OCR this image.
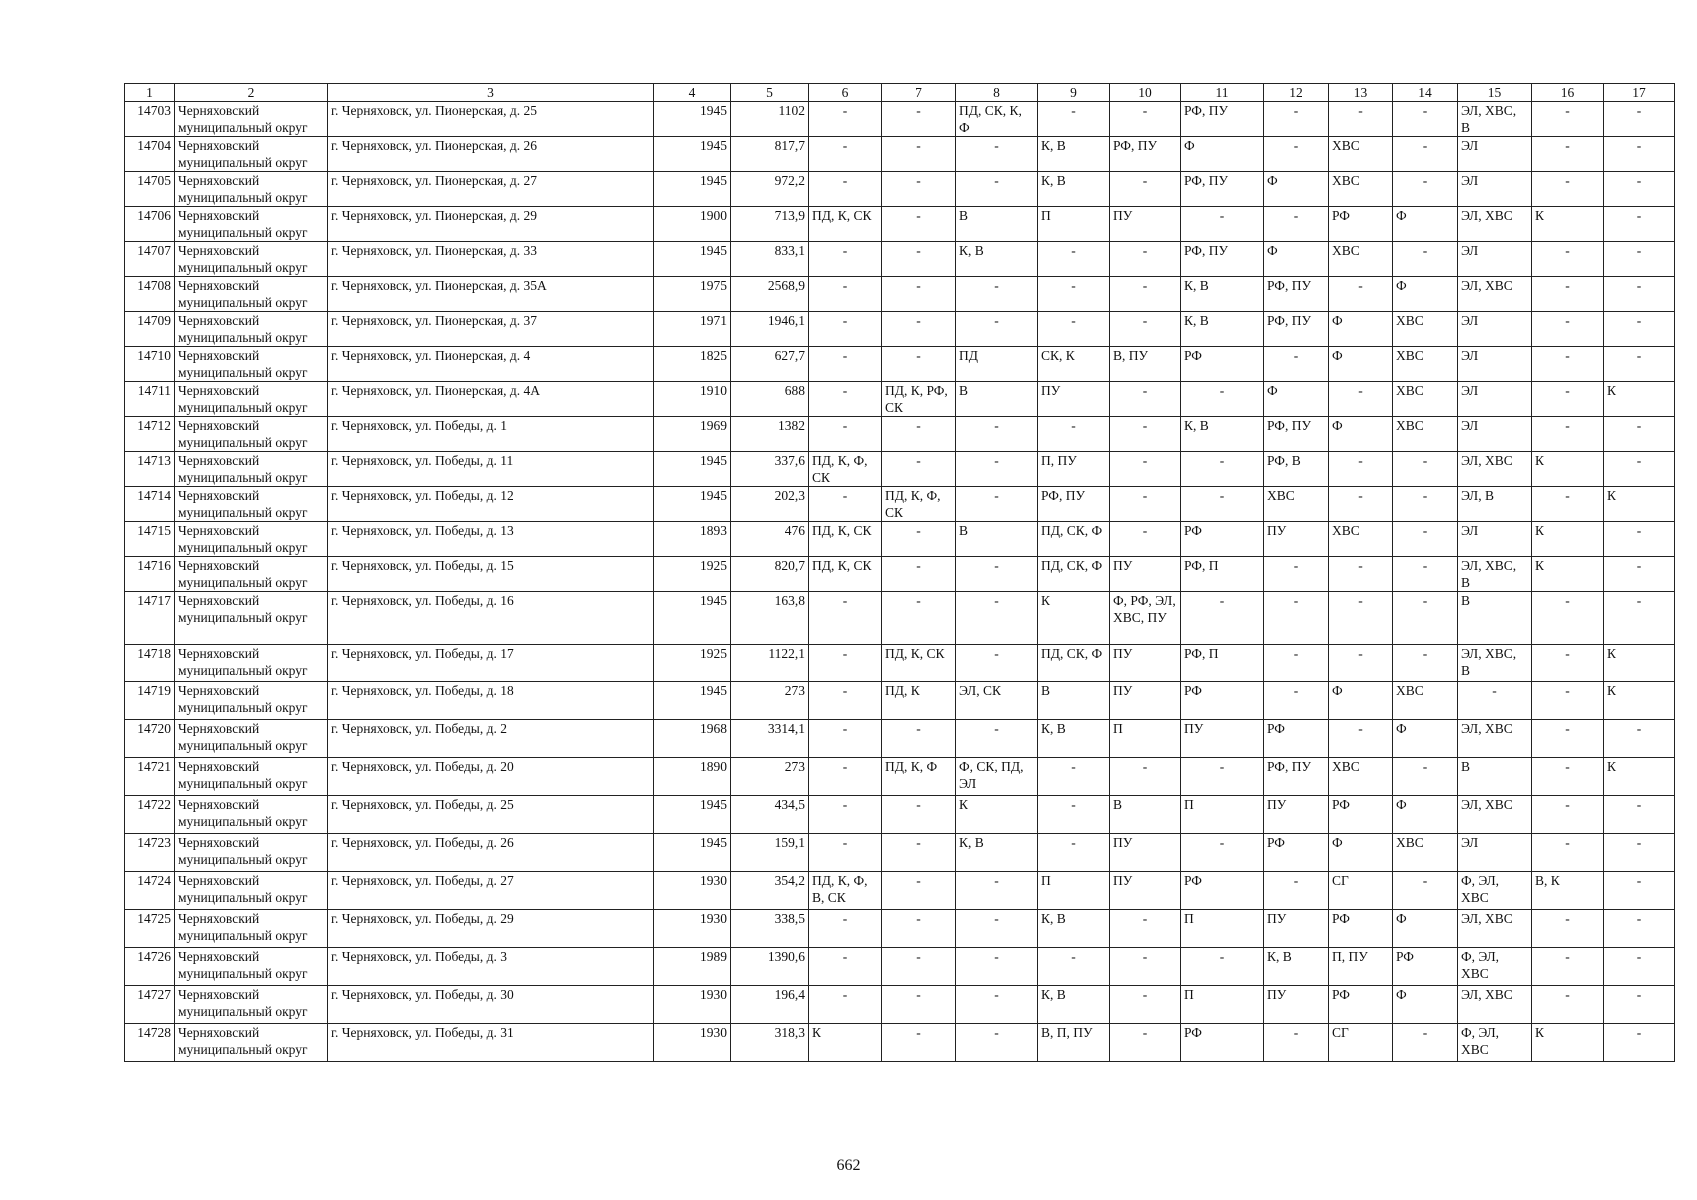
1	2	3	4	5	6	7	8	9	10	11	12	13	14	15	16	17
14703	Черняховский муниципальный округ	г. Черняховск, ул. Пионерская, д. 25	1945	1102	-	-	ПД, СК, К, Ф	-	-	РФ, ПУ	-	-	-	ЭЛ, ХВС, В	-	-
14704	Черняховский муниципальный округ	г. Черняховск, ул. Пионерская, д. 26	1945	817,7	-	-	-	К, В	РФ, ПУ	Ф	-	ХВС	-	ЭЛ	-	-
14705	Черняховский муниципальный округ	г. Черняховск, ул. Пионерская, д. 27	1945	972,2	-	-	-	К, В	-	РФ, ПУ	Ф	ХВС	-	ЭЛ	-	-
14706	Черняховский муниципальный округ	г. Черняховск, ул. Пионерская, д. 29	1900	713,9	ПД, К, СК	-	В	П	ПУ	-	-	РФ	Ф	ЭЛ, ХВС	К	-
14707	Черняховский муниципальный округ	г. Черняховск, ул. Пионерская, д. 33	1945	833,1	-	-	К, В	-	-	РФ, ПУ	Ф	ХВС	-	ЭЛ	-	-
14708	Черняховский муниципальный округ	г. Черняховск, ул. Пионерская, д. 35А	1975	2568,9	-	-	-	-	-	К, В	РФ, ПУ	-	Ф	ЭЛ, ХВС	-	-
14709	Черняховский муниципальный округ	г. Черняховск, ул. Пионерская, д. 37	1971	1946,1	-	-	-	-	-	К, В	РФ, ПУ	Ф	ХВС	ЭЛ	-	-
14710	Черняховский муниципальный округ	г. Черняховск, ул. Пионерская, д. 4	1825	627,7	-	-	ПД	СК, К	В, ПУ	РФ	-	Ф	ХВС	ЭЛ	-	-
14711	Черняховский муниципальный округ	г. Черняховск, ул. Пионерская, д. 4А	1910	688	-	ПД, К, РФ, СК	В	ПУ	-	-	Ф	-	ХВС	ЭЛ	-	К
14712	Черняховский муниципальный округ	г. Черняховск, ул. Победы, д. 1	1969	1382	-	-	-	-	-	К, В	РФ, ПУ	Ф	ХВС	ЭЛ	-	-
14713	Черняховский муниципальный округ	г. Черняховск, ул. Победы, д. 11	1945	337,6	ПД, К, Ф, СК	-	-	П, ПУ	-	-	РФ, В	-	-	ЭЛ, ХВС	К	-
14714	Черняховский муниципальный округ	г. Черняховск, ул. Победы, д. 12	1945	202,3	-	ПД, К, Ф, СК	-	РФ, ПУ	-	-	ХВС	-	-	ЭЛ, В	-	К
14715	Черняховский муниципальный округ	г. Черняховск, ул. Победы, д. 13	1893	476	ПД, К, СК	-	В	ПД, СК, Ф	-	РФ	ПУ	ХВС	-	ЭЛ	К	-
14716	Черняховский муниципальный округ	г. Черняховск, ул. Победы, д. 15	1925	820,7	ПД, К, СК	-	-	ПД, СК, Ф	ПУ	РФ, П	-	-	-	ЭЛ, ХВС, В	К	-
14717	Черняховский муниципальный округ	г. Черняховск, ул. Победы, д. 16	1945	163,8	-	-	-	К	Ф, РФ, ЭЛ, ХВС, ПУ	-	-	-	-	В	-	-
14718	Черняховский муниципальный округ	г. Черняховск, ул. Победы, д. 17	1925	1122,1	-	ПД, К, СК	-	ПД, СК, Ф	ПУ	РФ, П	-	-	-	ЭЛ, ХВС, В	-	К
14719	Черняховский муниципальный округ	г. Черняховск, ул. Победы, д. 18	1945	273	-	ПД, К	ЭЛ, СК	В	ПУ	РФ	-	Ф	ХВС	-	-	К
14720	Черняховский муниципальный округ	г. Черняховск, ул. Победы, д. 2	1968	3314,1	-	-	-	К, В	П	ПУ	РФ	-	Ф	ЭЛ, ХВС	-	-
14721	Черняховский муниципальный округ	г. Черняховск, ул. Победы, д. 20	1890	273	-	ПД, К, Ф	Ф, СК, ПД, ЭЛ	-	-	-	РФ, ПУ	ХВС	-	В	-	К
14722	Черняховский муниципальный округ	г. Черняховск, ул. Победы, д. 25	1945	434,5	-	-	К	-	В	П	ПУ	РФ	Ф	ЭЛ, ХВС	-	-
14723	Черняховский муниципальный округ	г. Черняховск, ул. Победы, д. 26	1945	159,1	-	-	К, В	-	ПУ	-	РФ	Ф	ХВС	ЭЛ	-	-
14724	Черняховский муниципальный округ	г. Черняховск, ул. Победы, д. 27	1930	354,2	ПД, К, Ф, В, СК	-	-	П	ПУ	РФ	-	СГ	-	Ф, ЭЛ, ХВС	В, К	-
14725	Черняховский муниципальный округ	г. Черняховск, ул. Победы, д. 29	1930	338,5	-	-	-	К, В	-	П	ПУ	РФ	Ф	ЭЛ, ХВС	-	-
14726	Черняховский муниципальный округ	г. Черняховск, ул. Победы, д. 3	1989	1390,6	-	-	-	-	-	-	К, В	П, ПУ	РФ	Ф, ЭЛ, ХВС	-	-
14727	Черняховский муниципальный округ	г. Черняховск, ул. Победы, д. 30	1930	196,4	-	-	-	К, В	-	П	ПУ	РФ	Ф	ЭЛ, ХВС	-	-
14728	Черняховский муниципальный округ	г. Черняховск, ул. Победы, д. 31	1930	318,3	К	-	-	В, П, ПУ	-	РФ	-	СГ	-	Ф, ЭЛ, ХВС	К	-
662
